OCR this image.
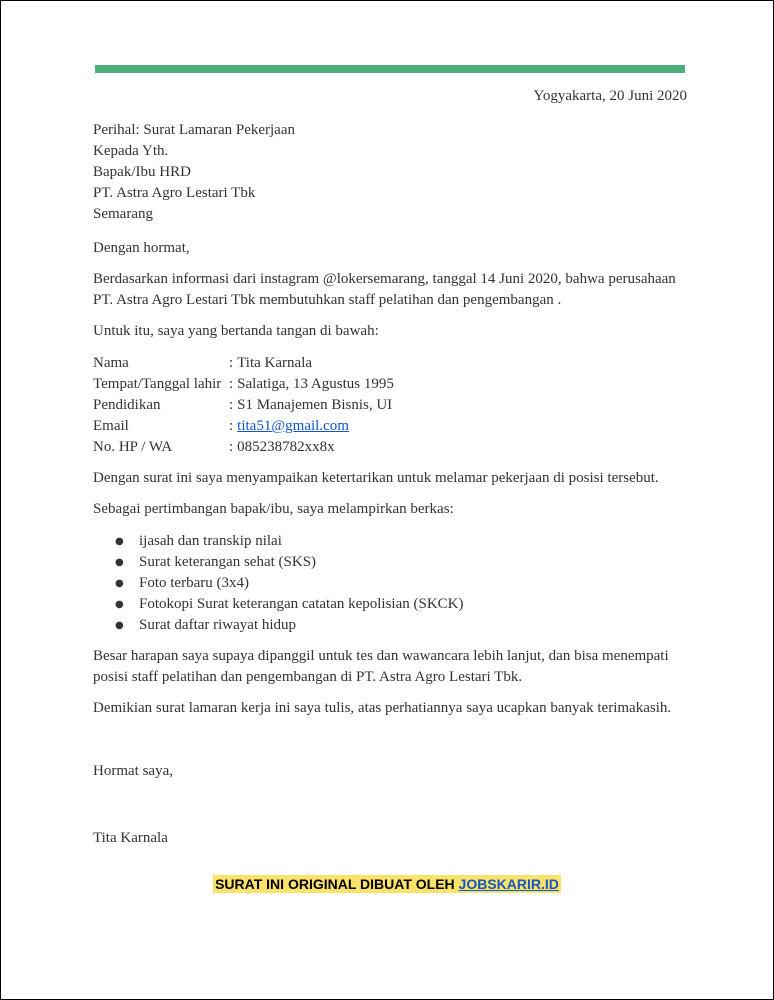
Yogyakarta, 20 Juni 2020
Perihal: Surat Lamaran Pekerjaan
Kepada Yth.
Bapak/Ibu HRD
PT. Astra Agro Lestari Tbk
Semarang
Dengan hormat,
Berdasarkan informasi dari instagram @lokersemarang, tanggal 14 Juni 2020, bahwa perusahaan
PT. Astra Agro Lestari Tbk membutuhkan staff pelatihan dan pengembangan .
Untuk itu, saya yang bertanda tangan di bawah:
Nama	: Tita Karnala
Tempat/Tanggal lahir : Salatiga, 13 Agustus 1995
Pendidikan	: S1 Manajemen Bisnis, UI
Email	: tita51@gmail.com
No. HP / WA	: 085238782xx8x
Dengan surat ini saya menyampaikan ketertarikan untuk melamar pekerjaan di posisi tersebut.
Sebagai pertimbangan bapak/ibu, saya melampirkan berkas:
●	ijasah dan transkip nilai
●	Surat keterangan sehat (SKS)
●	Foto terbaru (3x4)
●	Fotokopi Surat keterangan catatan kepolisian (SKCK)
●	Surat daftar riwayat hidup
Besar harapan saya supaya dipanggil untuk tes dan wawancara lebih lanjut, dan bisa menempati
posisi staff pelatihan dan pengembangan di PT. Astra Agro Lestari Tbk.
Demikian surat lamaran kerja ini saya tulis, atas perhatiannya saya ucapkan banyak terimakasih.
Hormat saya,
Tita Karnala
SURAT INI ORIGINAL DIBUAT OLEH JOBSKARIR.ID
